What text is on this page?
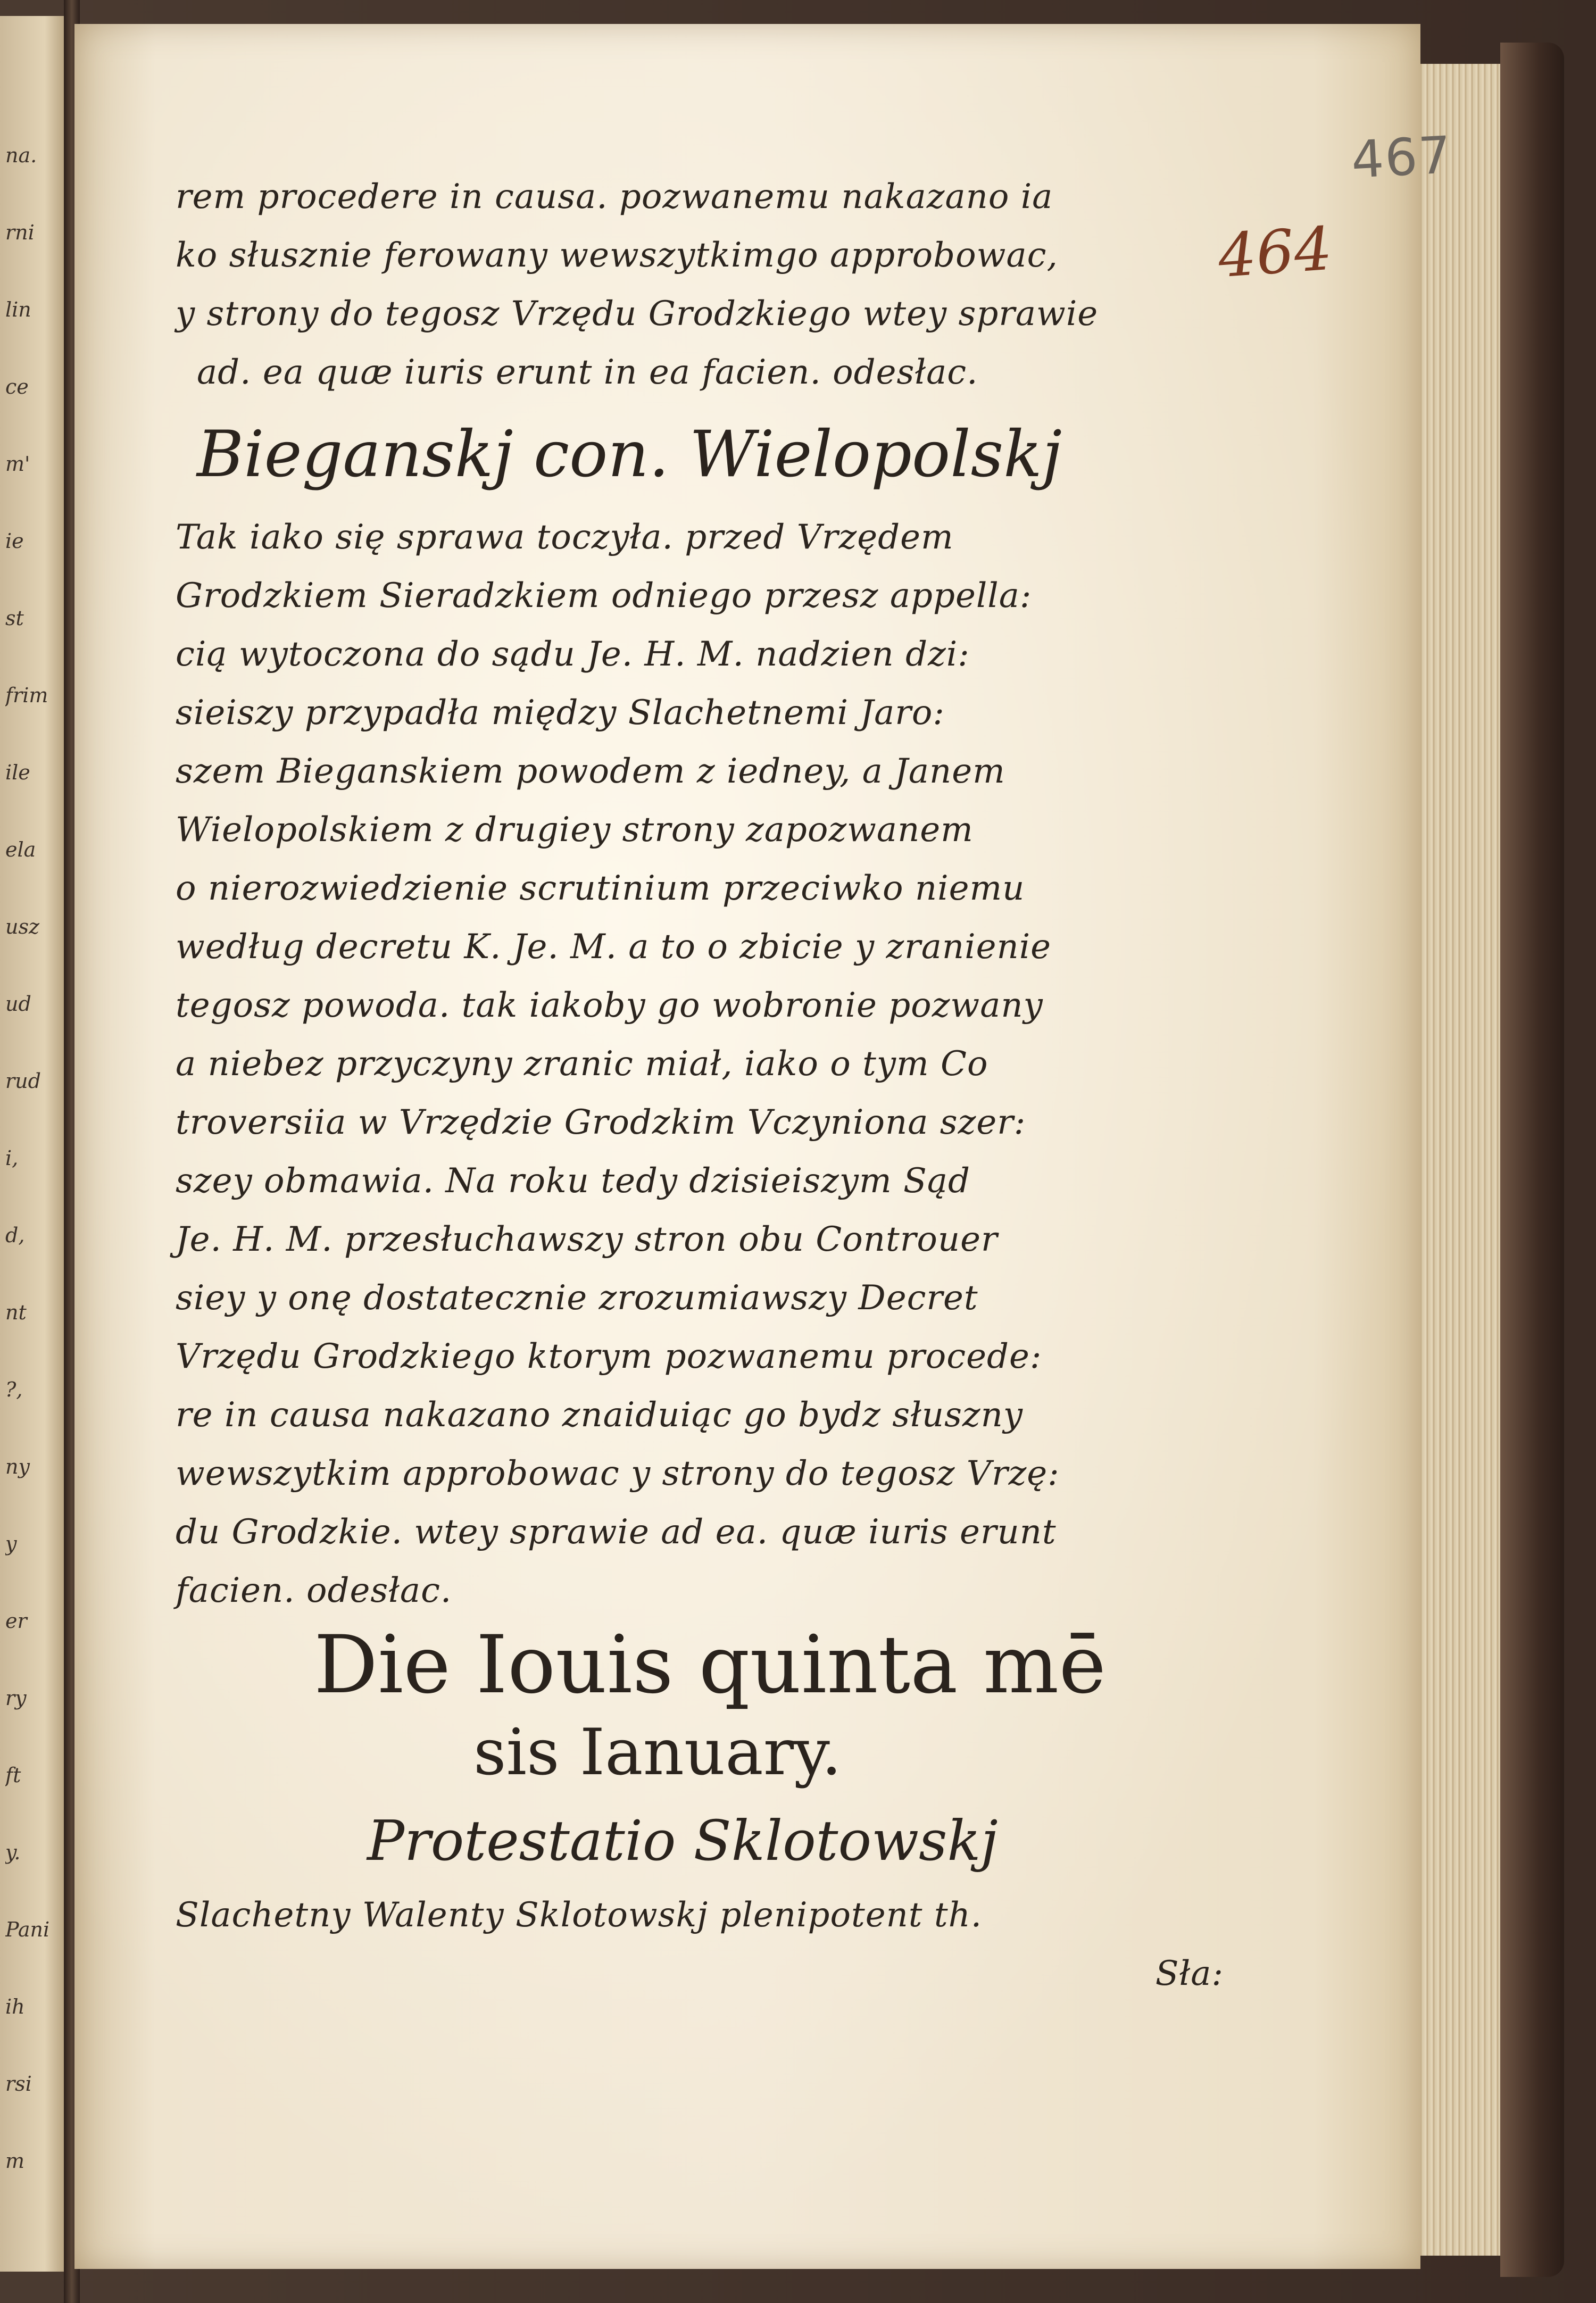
na.
rni
lin
ce
m'
ie
st
frim
ile
ela
usz
ud
rud
i,
d,
nt
?,
ny
y
er
ry
ft
y.
Pani
ih
rsi
m
467
464
rem procedere in causa. pozwanemu nakazano ia
ko słusznie ferowany wewszytkimgo approbowac,
y strony do tegosz Vrzędu Grodzkiego wtey sprawie
ad. ea quæ iuris erunt in ea facien. odesłac.
Bieganskj con. Wielopolskj
Tak iako się sprawa toczyła. przed Vrzędem
Grodzkiem Sieradzkiem odniego przesz appella:
cią wytoczona do sądu Je. H. M. nadzien dzi:
sieiszy przypadła między Slachetnemi Jaro:
szem Bieganskiem powodem z iedney, a Janem
Wielopolskiem z drugiey strony zapozwanem
o nierozwiedzienie scrutinium przeciwko niemu
według decretu K. Je. M. a to o zbicie y zranienie
tegosz powoda. tak iakoby go wobronie pozwany
a niebez przyczyny zranic miał, iako o tym Co
troversiia w Vrzędzie Grodzkim Vczyniona szer:
szey obmawia. Na roku tedy dzisieiszym Sąd
Je. H. M. przesłuchawszy stron obu Controuer
siey y onę dostatecznie zrozumiawszy Decret
Vrzędu Grodzkiego ktorym pozwanemu procede:
re in causa nakazano znaiduiąc go bydz słuszny
wewszytkim approbowac y strony do tegosz Vrzę:
du Grodzkie. wtey sprawie ad ea. quæ iuris erunt
facien. odesłac.
Die Iouis quinta mē
sis Ianuary.
Protestatio Sklotowskj
Slachetny Walenty Sklotowskj plenipotent th.
Sła:
